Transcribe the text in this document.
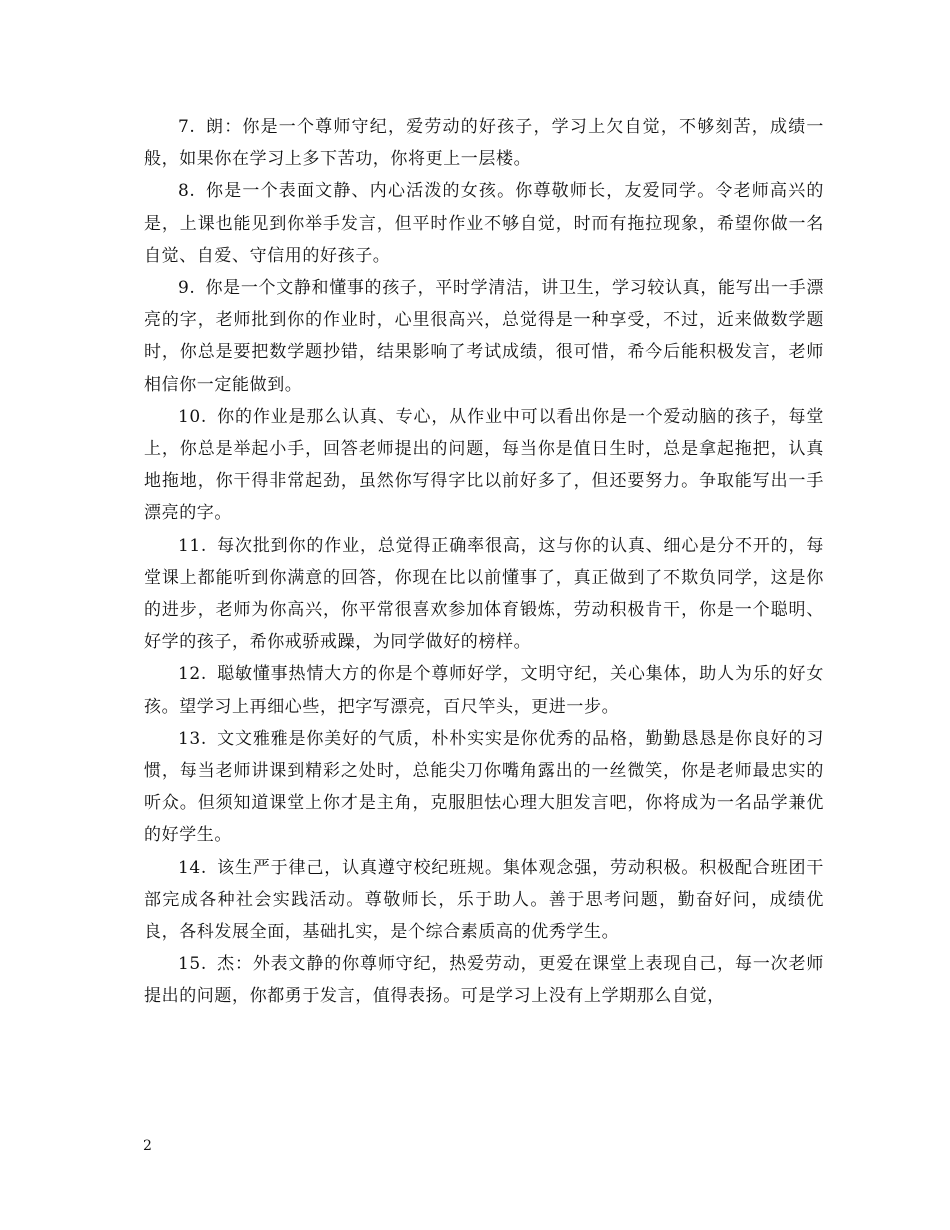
7. 朗：你是一个尊师守纪，爱劳动的好孩子，学习上欠自觉，不够刻苦，成绩一般，如果你在学习上多下苦功，你将更上一层楼。

8. 你是一个表面文静、内心活泼的女孩。你尊敬师长，友爱同学。令老师高兴的是，上课也能见到你举手发言，但平时作业不够自觉，时而有拖拉现象，希望你做一名自觉、自爱、守信用的好孩子。

9. 你是一个文静和懂事的孩子，平时学清洁，讲卫生，学习较认真，能写出一手漂亮的字，老师批到你的作业时，心里很高兴，总觉得是一种享受，不过，近来做数学题时，你总是要把数学题抄错，结果影响了考试成绩，很可惜，希今后能积极发言，老师相信你一定能做到。

10. 你的作业是那么认真、专心，从作业中可以看出你是一个爱动脑的孩子，每堂上，你总是举起小手，回答老师提出的问题，每当你是值日生时，总是拿起拖把，认真地拖地，你干得非常起劲，虽然你写得字比以前好多了，但还要努力。争取能写出一手漂亮的字。

11. 每次批到你的作业，总觉得正确率很高，这与你的认真、细心是分不开的，每堂课上都能听到你满意的回答，你现在比以前懂事了，真正做到了不欺负同学，这是你的进步，老师为你高兴，你平常很喜欢参加体育锻炼，劳动积极肯干，你是一个聪明、好学的孩子，希你戒骄戒躁，为同学做好的榜样。

12. 聪敏懂事热情大方的你是个尊师好学，文明守纪，关心集体，助人为乐的好女孩。望学习上再细心些，把字写漂亮，百尺竿头，更进一步。

13. 文文雅雅是你美好的气质，朴朴实实是你优秀的品格，勤勤恳恳是你良好的习惯，每当老师讲课到精彩之处时，总能尖刀你嘴角露出的一丝微笑，你是老师最忠实的听众。但须知道课堂上你才是主角，克服胆怯心理大胆发言吧，你将成为一名品学兼优的好学生。

14. 该生严于律己，认真遵守校纪班规。集体观念强，劳动积极。积极配合班团干部完成各种社会实践活动。尊敬师长，乐于助人。善于思考问题，勤奋好问，成绩优良，各科发展全面，基础扎实，是个综合素质高的优秀学生。

15. 杰：外表文静的你尊师守纪，热爱劳动，更爱在课堂上表现自己，每一次老师提出的问题，你都勇于发言，值得表扬。可是学习上没有上学期那么自觉，

2
